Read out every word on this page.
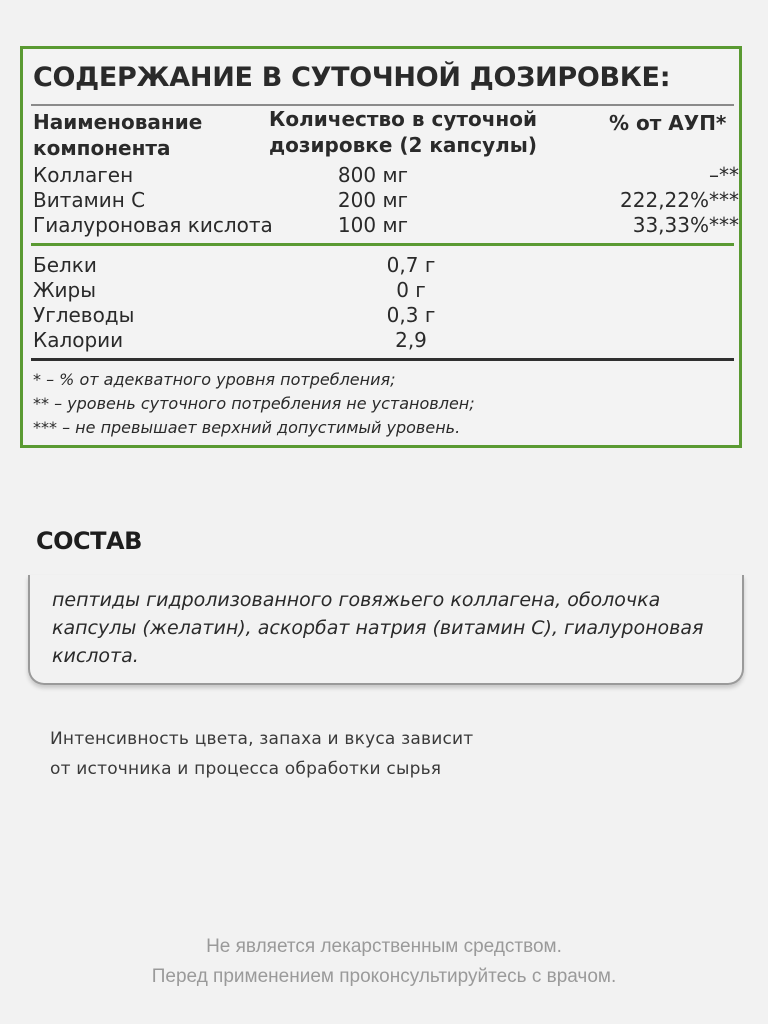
СОДЕРЖАНИЕ В СУТОЧНОЙ ДОЗИРОВКЕ:
Наименование
компонента
Количество в суточной
дозировке (2 капсулы)
% от АУП*
Коллаген	800 мг	–**
Витамин С	200 мг	222,22%***
Гиалуроновая кислота	100 мг	33,33%***
Белки	0,7 г
Жиры	0 г
Углеводы	0,3 г
Калории	2,9
* – % от адекватного уровня потребления;
** – уровень суточного потребления не установлен;
*** – не превышает верхний допустимый уровень.
СОСТАВ
пептиды гидролизованного говяжьего коллагена, оболочка капсулы (желатин), аскорбат натрия (витамин С), гиалуроновая кислота.
Интенсивность цвета, запаха и вкуса зависит
от источника и процесса обработки сырья
Не является лекарственным средством.
Перед применением проконсультируйтесь с врачом.
